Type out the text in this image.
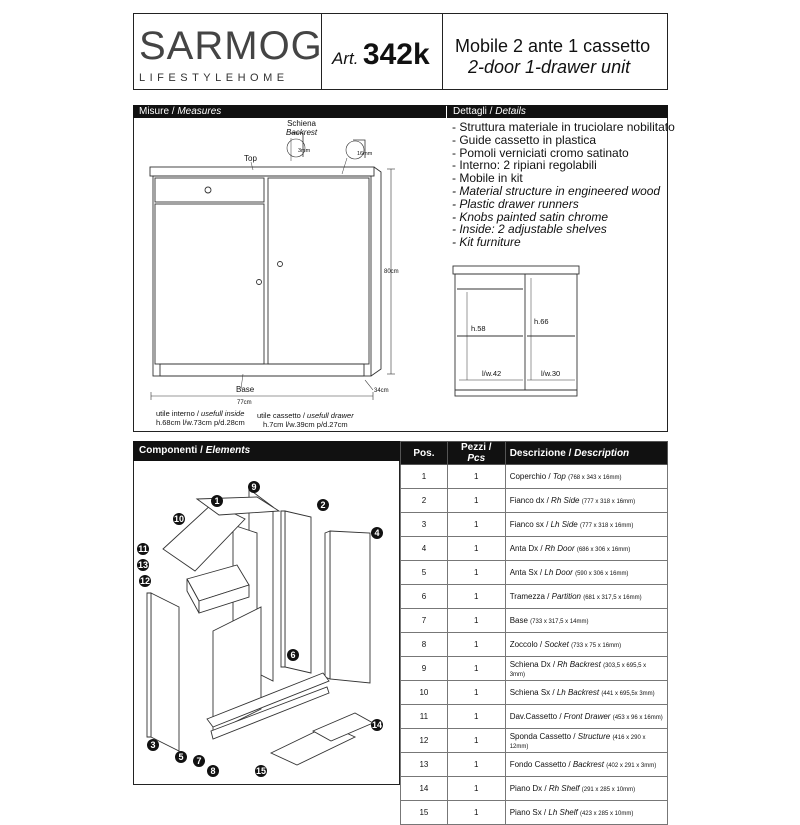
SARMOG
LIFESTYLEHOME
Art. 342k Mobile 2 ante 1 cassetto
2-door 1-drawer unit
Misure / Measures	Dettagli / Details
Schiena
Backrest
3mm	16mm
Top
Base
80cm
77cm
34cm
utile interno / usefull inside
h.68cm l/w.73cm p/d.28cm
utile cassetto / usefull drawer
h.7cm l/w.39cm p/d.27cm
- Struttura materiale in truciolare nobilitato
- Guide cassetto in plastica
- Pomoli verniciati cromo satinato
- Interno: 2 ripiani regolabili
- Mobile in kit
- Material structure in engineered wood
- Plastic drawer runners
- Knobs painted satin chrome
- Inside: 2 adjustable shelves
- Kit furniture
h.58
h.66
l/w.42	l/w.30
Componenti / Elements
1	2
3
4
5
6
7
8
9
10
11
12
13
14
15
Pos.	Pezzi / Pcs	Descrizione / Description
1	1	Coperchio / Top (768 x 343 x 16mm)
2	1	Fianco dx / Rh Side (777 x 318 x 16mm)
3	1	Fianco sx / Lh Side (777 x 318 x 16mm)
4	1	Anta Dx / Rh Door (686 x 306 x 16mm)
5	1	Anta Sx / Lh Door (590 x 306 x 16mm)
6	1	Tramezza / Partition (681 x 317,5 x 16mm)
7	1	Base (733 x 317,5 x 14mm)
8	1	Zoccolo / Socket (733 x 75 x 16mm)
9	1	Schiena Dx / Rh Backrest (303,5 x 695,5 x 3mm)
10	1	Schiena Sx / Lh Backrest (441 x 695,5x 3mm)
11	1	Dav.Cassetto / Front Drawer (453 x 96 x 16mm)
12	1	Sponda Cassetto / Structure (416 x 290 x 12mm)
13	1	Fondo Cassetto / Backrest (402 x 291 x 3mm)
14	1	Piano Dx / Rh Shelf (291 x 285 x 10mm)
15	1	Piano Sx / Lh Shelf (423 x 285 x 10mm)
